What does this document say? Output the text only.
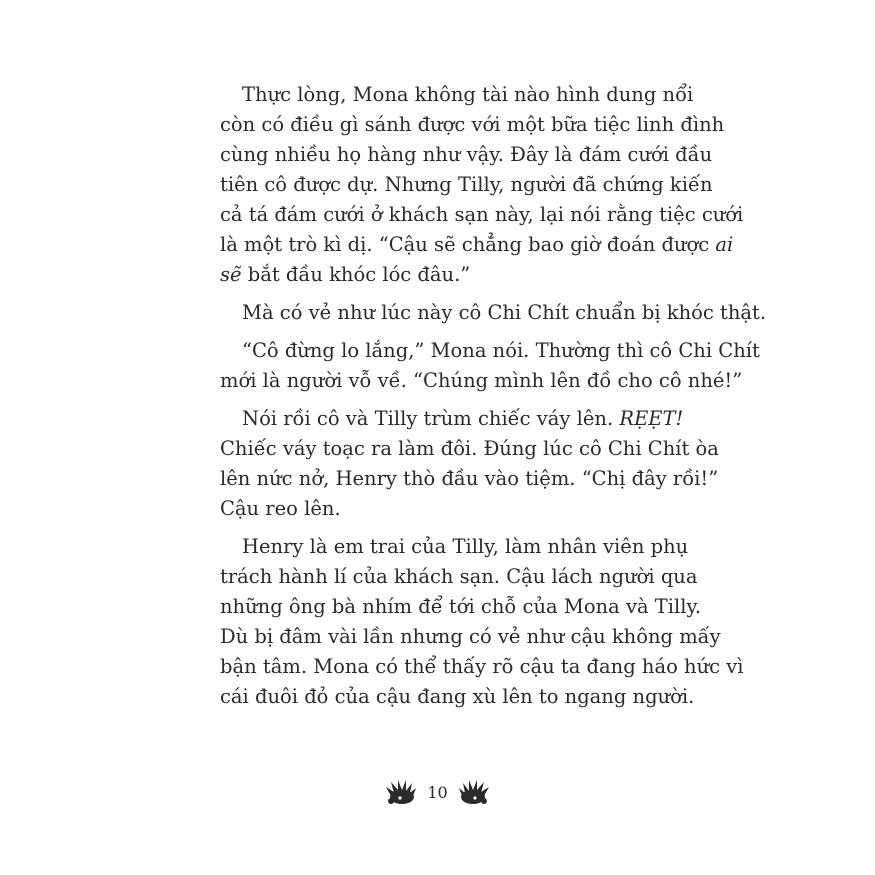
Thực lòng, Mona không tài nào hình dung nổi
còn có điều gì sánh được với một bữa tiệc linh đình
cùng nhiều họ hàng như vậy. Đây là đám cưới đầu
tiên cô được dự. Nhưng Tilly, người đã chứng kiến
cả tá đám cưới ở khách sạn này, lại nói rằng tiệc cưới
là một trò kì dị. “Cậu sẽ chẳng bao giờ đoán được ai
sẽ bắt đầu khóc lóc đâu.”
Mà có vẻ như lúc này cô Chi Chít chuẩn bị khóc thật.
“Cô đừng lo lắng,” Mona nói. Thường thì cô Chi Chít
mới là người vỗ về. “Chúng mình lên đồ cho cô nhé!”
Nói rồi cô và Tilly trùm chiếc váy lên. RẸẸT!
Chiếc váy toạc ra làm đôi. Đúng lúc cô Chi Chít òa
lên nức nở, Henry thò đầu vào tiệm. “Chị đây rồi!”
Cậu reo lên.
Henry là em trai của Tilly, làm nhân viên phụ
trách hành lí của khách sạn. Cậu lách người qua
những ông bà nhím để tới chỗ của Mona và Tilly.
Dù bị đâm vài lần nhưng có vẻ như cậu không mấy
bận tâm. Mona có thể thấy rõ cậu ta đang háo hức vì
cái đuôi đỏ của cậu đang xù lên to ngang người.
10
